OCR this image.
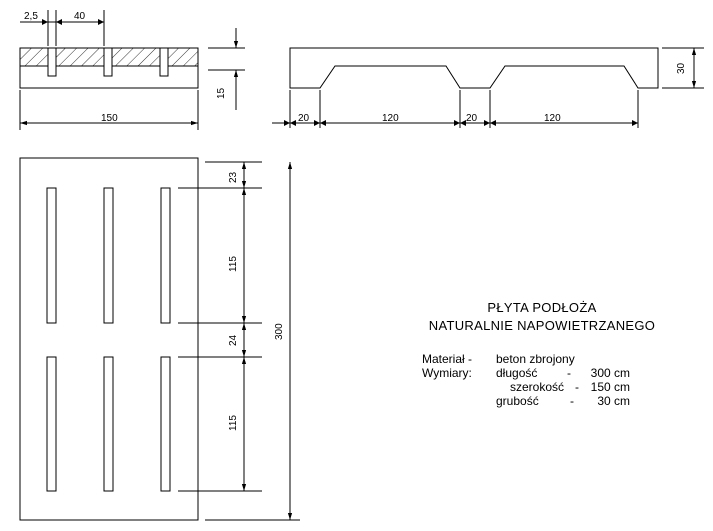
2,5	40
150
15
20	120	20	120
30
23
115
24
115
300
PŁYTA PODŁOŻA
NATURALNIE NAPOWIETRZANEGO
Materiał - beton zbrojony
Wymiary: długość - 300 cm
szerokość - 150 cm
grubość	- 30 cm
